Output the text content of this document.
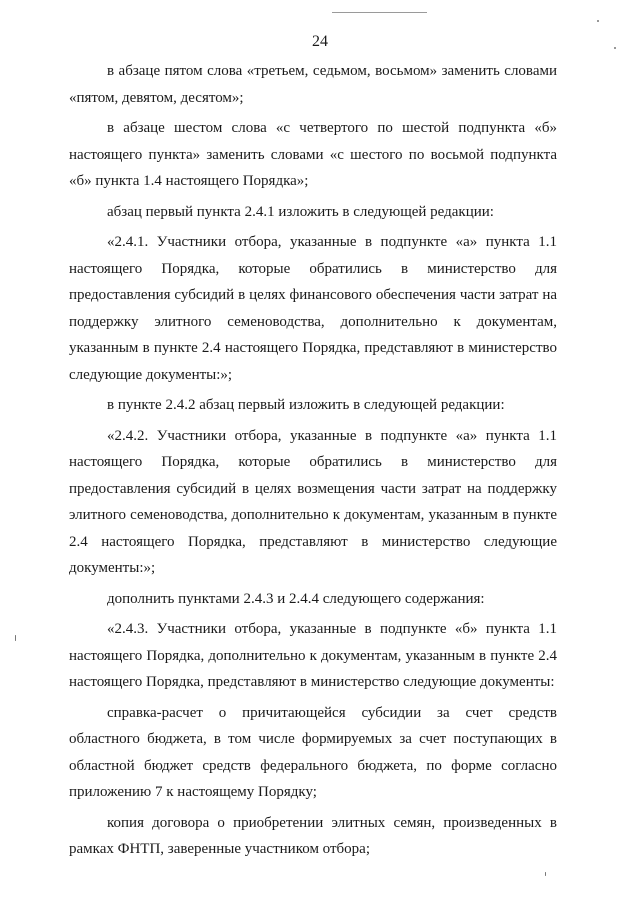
24

в абзаце пятом слова «третьем, седьмом, восьмом» заменить словами «пятом, девятом, десятом»;

в абзаце шестом слова «с четвертого по шестой подпункта «б» настоящего пункта» заменить словами «с шестого по восьмой подпункта «б» пункта 1.4 настоящего Порядка»;

абзац первый пункта 2.4.1 изложить в следующей редакции:

«2.4.1. Участники отбора, указанные в подпункте «а» пункта 1.1 настоящего Порядка, которые обратились в министерство для предоставления субсидий в целях финансового обеспечения части затрат на поддержку элитного семеноводства, дополнительно к документам, указанным в пункте 2.4 настоящего Порядка, представляют в министерство следующие документы:»;

в пункте 2.4.2 абзац первый изложить в следующей редакции:

«2.4.2. Участники отбора, указанные в подпункте «а» пункта 1.1 настоящего Порядка, которые обратились в министерство для предоставления субсидий в целях возмещения части затрат на поддержку элитного семеноводства, дополнительно к документам, указанным в пункте 2.4 настоящего Порядка, представляют в министерство следующие документы:»;

дополнить пунктами 2.4.3 и 2.4.4 следующего содержания:

«2.4.3. Участники отбора, указанные в подпункте «б» пункта 1.1 настоящего Порядка, дополнительно к документам, указанным в пункте 2.4 настоящего Порядка, представляют в министерство следующие документы:

справка-расчет о причитающейся субсидии за счет средств областного бюджета, в том числе формируемых за счет поступающих в областной бюджет средств федерального бюджета, по форме согласно приложению 7 к настоящему Порядку;

копия договора о приобретении элитных семян, произведенных в рамках ФНТП, заверенные участником отбора;
